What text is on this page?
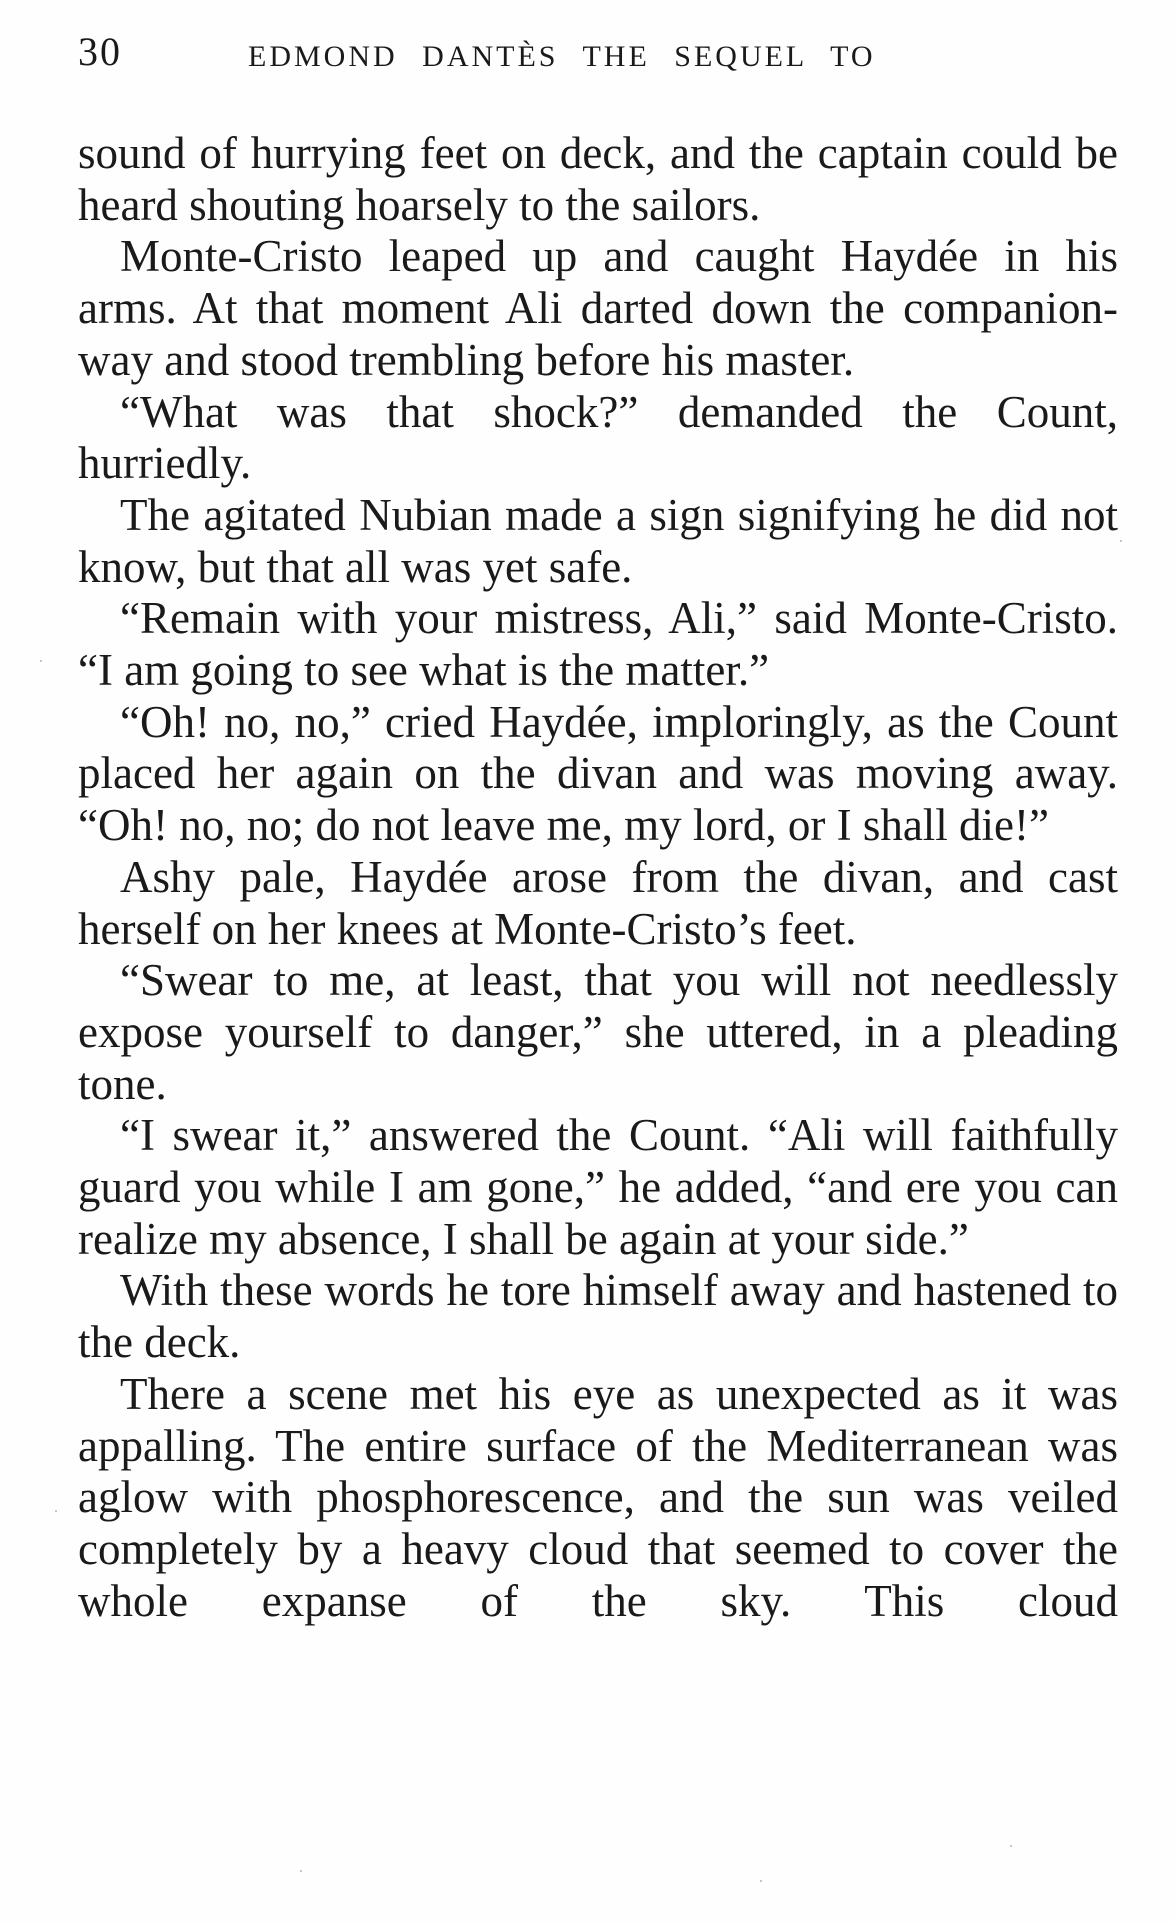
30	EDMOND DANTÈS THE SEQUEL TO

sound of hurrying feet on deck, and the captain could be heard shouting hoarsely to the sailors.

Monte-Cristo leaped up and caught Haydée in his arms. At that moment Ali darted down the companion-way and stood trembling before his master.

“What was that shock?” demanded the Count, hurriedly.

The agitated Nubian made a sign signifying he did not know, but that all was yet safe.

“Remain with your mistress, Ali,” said Monte-Cristo. “I am going to see what is the matter.”

“Oh! no, no,” cried Haydée, imploringly, as the Count placed her again on the divan and was moving away. “Oh! no, no; do not leave me, my lord, or I shall die!”

Ashy pale, Haydée arose from the divan, and cast herself on her knees at Monte-Cristo’s feet.

“Swear to me, at least, that you will not needlessly expose yourself to danger,” she uttered, in a pleading tone.

“I swear it,” answered the Count. “Ali will faithfully guard you while I am gone,” he added, “and ere you can realize my absence, I shall be again at your side.”

With these words he tore himself away and hastened to the deck.

There a scene met his eye as unexpected as it was appalling. The entire surface of the Mediterranean was aglow with phosphorescence, and the sun was veiled completely by a heavy cloud that seemed to cover the whole expanse of the sky. This cloud
